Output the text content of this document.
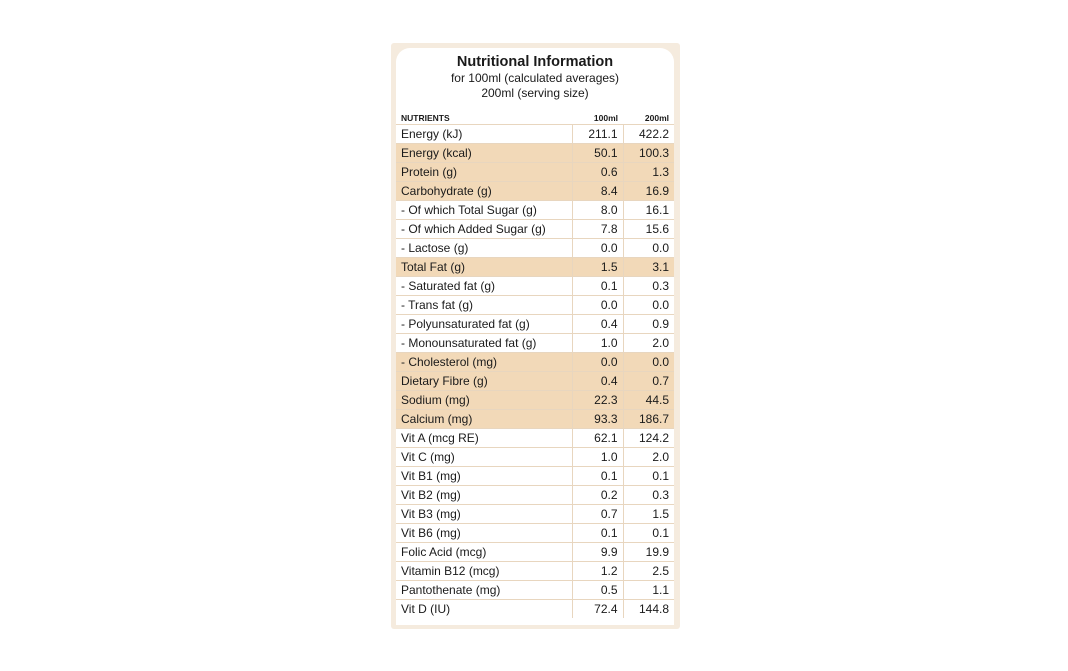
Nutritional Information
for 100ml (calculated averages)
200ml (serving size)
NUTRIENTS	100ml	200ml
Energy (kJ)	211.1	422.2
Energy (kcal)	50.1	100.3
Protein (g)	0.6	1.3
Carbohydrate (g)	8.4	16.9
- Of which Total Sugar (g)	8.0	16.1
- Of which Added Sugar (g)	7.8	15.6
- Lactose (g)	0.0	0.0
Total Fat (g)	1.5	3.1
- Saturated fat (g)	0.1	0.3
- Trans fat (g)	0.0	0.0
- Polyunsaturated fat (g)	0.4	0.9
- Monounsaturated fat (g)	1.0	2.0
- Cholesterol (mg)	0.0	0.0
Dietary Fibre (g)	0.4	0.7
Sodium (mg)	22.3	44.5
Calcium (mg)	93.3	186.7
Vit A (mcg RE)	62.1	124.2
Vit C (mg)	1.0	2.0
Vit B1 (mg)	0.1	0.1
Vit B2 (mg)	0.2	0.3
Vit B3 (mg)	0.7	1.5
Vit B6 (mg)	0.1	0.1
Folic Acid (mcg)	9.9	19.9
Vitamin B12 (mcg)	1.2	2.5
Pantothenate (mg)	0.5	1.1
Vit D (IU)	72.4	144.8
